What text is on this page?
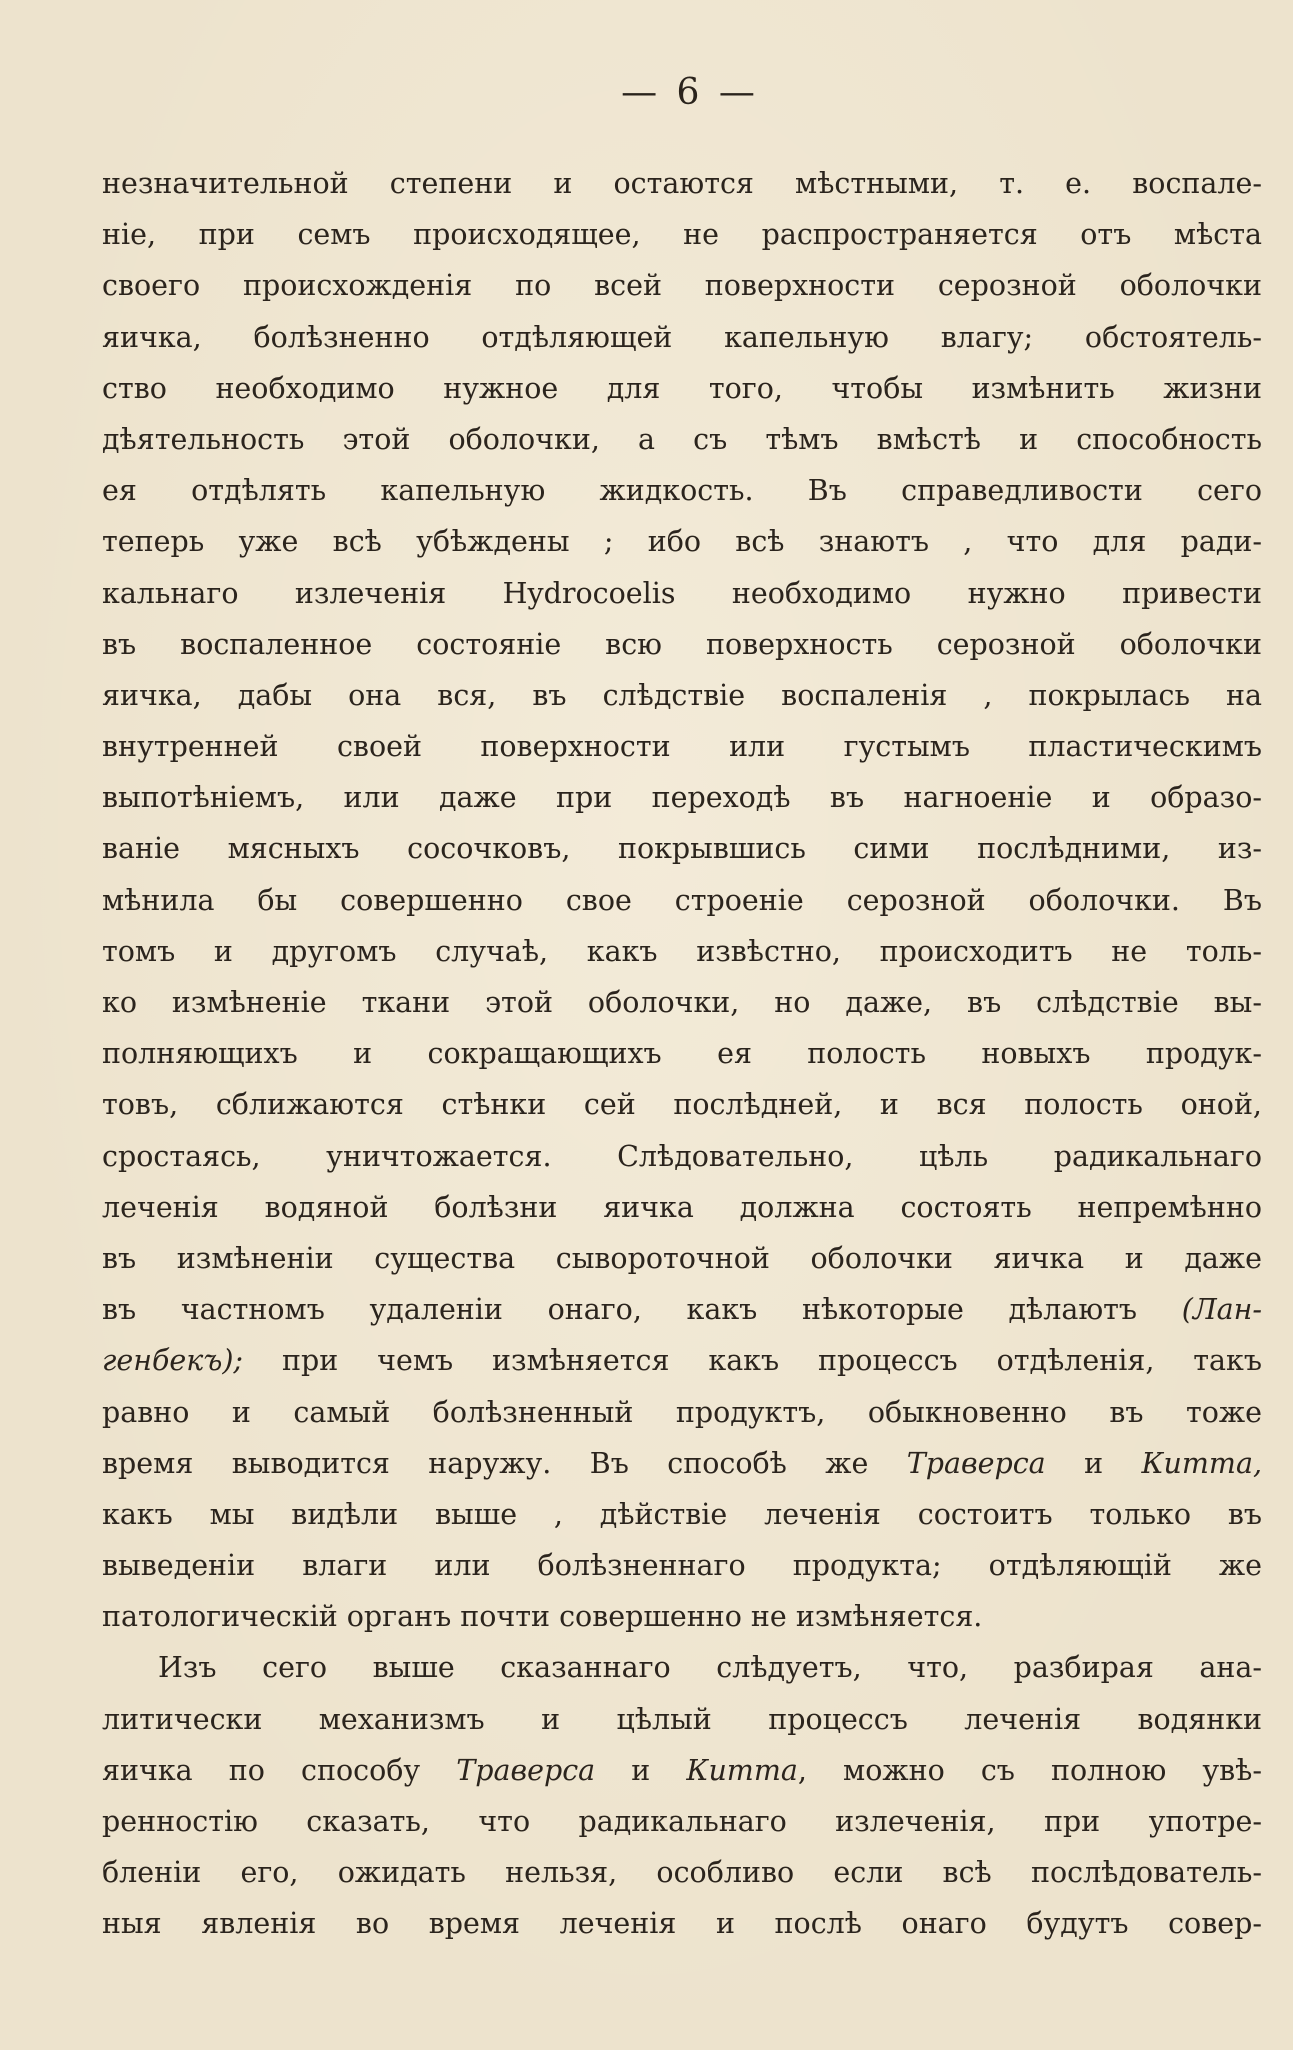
— 6 —
незначительной степени и остаются мѣстными, т. е. воспале-
ніе, при семъ происходящее, не распространяется отъ мѣста
своего происхожденія по всей поверхности серозной оболочки
яичка, болѣзненно отдѣляющей капельную влагу; обстоятель-
ство необходимо нужное для того, чтобы измѣнить жизни
дѣятельность этой оболочки, а съ тѣмъ вмѣстѣ и способность
ея отдѣлять капельную жидкость. Въ справедливости сего
теперь уже всѣ убѣждены ; ибо всѣ знаютъ , что для ради-
кальнаго излеченія Hydrocoelis необходимо нужно привести
въ воспаленное состояніе всю поверхность серозной оболочки
яичка, дабы она вся, въ слѣдствіе воспаленія , покрылась на
внутренней своей поверхности или густымъ пластическимъ
выпотѣніемъ, или даже при переходѣ въ нагноеніе и образо-
ваніе мясныхъ сосочковъ, покрывшись сими послѣдними, из-
мѣнила бы совершенно свое строеніе серозной оболочки. Въ
томъ и другомъ случаѣ, какъ извѣстно, происходитъ не толь-
ко измѣненіе ткани этой оболочки, но даже, въ слѣдствіе вы-
полняющихъ и сокращающихъ ея полость новыхъ продук-
товъ, сближаются стѣнки сей послѣдней, и вся полость оной,
сростаясь, уничтожается. Слѣдовательно, цѣль радикальнаго
леченія водяной болѣзни яичка должна состоять непремѣнно
въ измѣненіи существа сывороточной оболочки яичка и даже
въ частномъ удаленіи онаго, какъ нѣкоторые дѣлаютъ (Лан-
генбекъ); при чемъ измѣняется какъ процессъ отдѣленія, такъ
равно и самый болѣзненный продуктъ, обыкновенно въ тоже
время выводится наружу. Въ способѣ же Траверса и Китта,
какъ мы видѣли выше , дѣйствіе леченія состоитъ только въ
выведеніи влаги или болѣзненнаго продукта; отдѣляющій же
патологическій органъ почти совершенно не измѣняется.
Изъ сего выше сказаннаго слѣдуетъ, что, разбирая ана-
литически механизмъ и цѣлый процессъ леченія водянки
яичка по способу Траверса и Китта, можно съ полною увѣ-
ренностію сказать, что радикальнаго излеченія, при употре-
бленіи его, ожидать нельзя, особливо если всѣ послѣдователь-
ныя явленія во время леченія и послѣ онаго будутъ совер-
